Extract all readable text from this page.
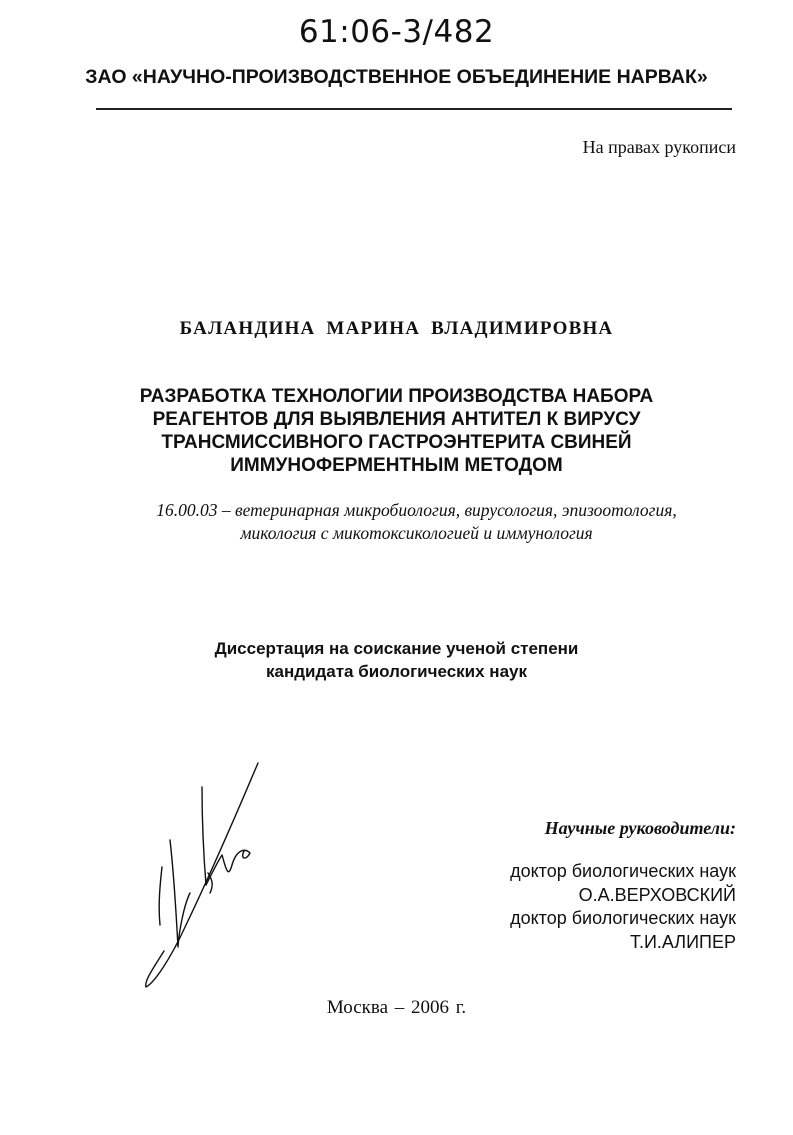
61:06-3/482
ЗАО «НАУЧНО-ПРОИЗВОДСТВЕННОЕ ОБЪЕДИНЕНИЕ НАРВАК»
На правах рукописи
БАЛАНДИНА МАРИНА ВЛАДИМИРОВНА
РАЗРАБОТКА ТЕХНОЛОГИИ ПРОИЗВОДСТВА НАБОРА
РЕАГЕНТОВ ДЛЯ ВЫЯВЛЕНИЯ АНТИТЕЛ К ВИРУСУ
ТРАНСМИССИВНОГО ГАСТРОЭНТЕРИТА СВИНЕЙ
ИММУНОФЕРМЕНТНЫМ МЕТОДОМ
16.00.03 – ветеринарная микробиология, вирусология, эпизоотология,
микология с микотоксикологией и иммунология
Диссертация на соискание ученой степени
кандидата биологических наук
Научные руководители:
доктор биологических наук
О.А.ВЕРХОВСКИЙ
доктор биологических наук
Т.И.АЛИПЕР
Москва – 2006 г.
